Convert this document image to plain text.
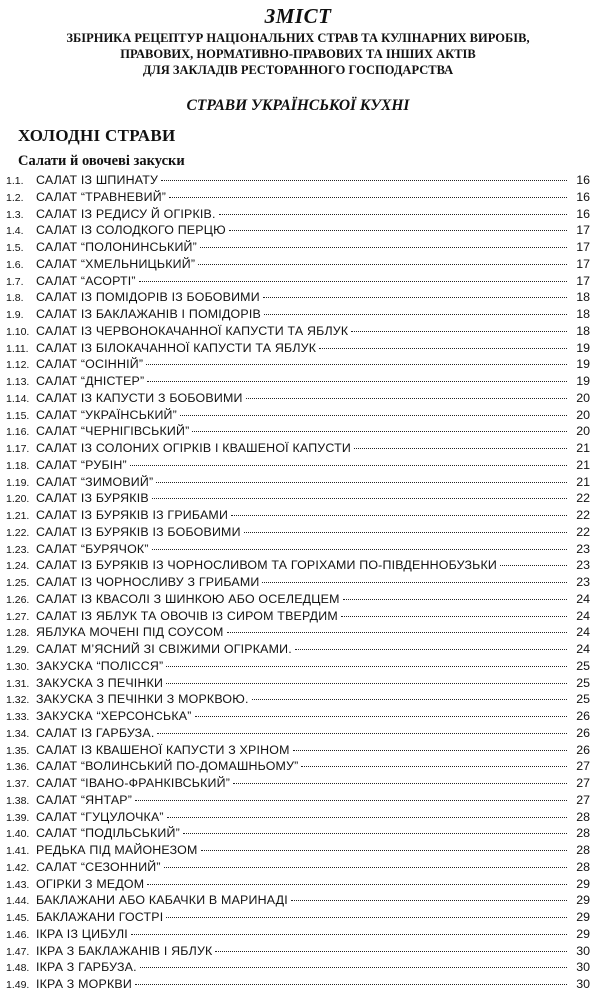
ЗМІСТ
ЗБІРНИКА РЕЦЕПТУР НАЦІОНАЛЬНИХ СТРАВ ТА КУЛІНАРНИХ ВИРОБІВ,
ПРАВОВИХ, НОРМАТИВНО-ПРАВОВИХ ТА ІНШИХ АКТІВ
ДЛЯ ЗАКЛАДІВ РЕСТОРАННОГО ГОСПОДАРСТВА
СТРАВИ УКРАЇНСЬКОЇ КУХНІ
ХОЛОДНІ СТРАВИ
Салати й овочеві закуски
1.1.	САЛАТ ІЗ ШПИНАТУ	16
1.2.	САЛАТ “ТРАВНЕВИЙ”	16
1.3.	САЛАТ ІЗ РЕДИСУ Й ОГІРКІВ.	16
1.4.	САЛАТ ІЗ СОЛОДКОГО ПЕРЦЮ	17
1.5.	САЛАТ “ПОЛОНИНСЬКИЙ”	17
1.6.	САЛАТ “ХМЕЛЬНИЦЬКИЙ”	17
1.7.	САЛАТ “АСОРТІ”	17
1.8.	САЛАТ ІЗ ПОМІДОРІВ ІЗ БОБОВИМИ	18
1.9.	САЛАТ ІЗ БАКЛАЖАНІВ І ПОМІДОРІВ	18
1.10. САЛАТ ІЗ ЧЕРВОНОКАЧАННОЇ КАПУСТИ ТА ЯБЛУК	18
1.11. САЛАТ ІЗ БІЛОКАЧАННОЇ КАПУСТИ ТА ЯБЛУК	19
1.12. САЛАТ “ОСІННІЙ”	19
1.13. САЛАТ “ДНІСТЕР”	19
1.14. САЛАТ ІЗ КАПУСТИ З БОБОВИМИ	20
1.15. САЛАТ “УКРАЇНСЬКИЙ”	20
1.16. САЛАТ “ЧЕРНІГІВСЬКИЙ”	20
1.17. САЛАТ ІЗ СОЛОНИХ ОГІРКІВ І КВАШЕНОЇ КАПУСТИ	21
1.18. САЛАТ “РУБІН”	21
1.19. САЛАТ “ЗИМОВИЙ”	21
1.20. САЛАТ ІЗ БУРЯКІВ	22
1.21. САЛАТ ІЗ БУРЯКІВ ІЗ ГРИБАМИ	22
1.22. САЛАТ ІЗ БУРЯКІВ ІЗ БОБОВИМИ	22
1.23. САЛАТ “БУРЯЧОК”	23
1.24. САЛАТ ІЗ БУРЯКІВ ІЗ ЧОРНОСЛИВОМ ТА ГОРІХАМИ ПО-ПІВДЕННОБУЗЬКИ	23
1.25. САЛАТ ІЗ ЧОРНОСЛИВУ З ГРИБАМИ	23
1.26. САЛАТ ІЗ КВАСОЛІ З ШИНКОЮ АБО ОСЕЛЕДЦЕМ	24
1.27. САЛАТ ІЗ ЯБЛУК ТА ОВОЧІВ ІЗ СИРОМ ТВЕРДИМ	24
1.28. ЯБЛУКА МОЧЕНІ ПІД СОУСОМ	24
1.29. САЛАТ М’ЯСНИЙ ЗІ СВІЖИМИ ОГІРКАМИ.	24
1.30. ЗАКУСКА “ПОЛІССЯ”	25
1.31. ЗАКУСКА З ПЕЧІНКИ	25
1.32. ЗАКУСКА З ПЕЧІНКИ З МОРКВОЮ.	25
1.33. ЗАКУСКА “ХЕРСОНСЬКА”	26
1.34. САЛАТ ІЗ ГАРБУЗА.	26
1.35. САЛАТ ІЗ КВАШЕНОЇ КАПУСТИ З ХРІНОМ	26
1.36. САЛАТ “ВОЛИНСЬКИЙ ПО-ДОМАШНЬОМУ”	27
1.37. САЛАТ “ІВАНО-ФРАНКІВСЬКИЙ”	27
1.38. САЛАТ “ЯНТАР”	27
1.39. САЛАТ “ГУЦУЛОЧКА”	28
1.40. САЛАТ “ПОДІЛЬСЬКИЙ”	28
1.41. РЕДЬКА ПІД МАЙОНЕЗОМ	28
1.42. САЛАТ “СЕЗОННИЙ”	28
1.43. ОГІРКИ З МЕДОМ	29
1.44. БАКЛАЖАНИ АБО КАБАЧКИ В МАРИНАДІ	29
1.45. БАКЛАЖАНИ ГОСТРІ	29
1.46. ІКРА ІЗ ЦИБУЛІ	29
1.47. ІКРА З БАКЛАЖАНІВ І ЯБЛУК	30
1.48. ІКРА З ГАРБУЗА.	30
1.49. ІКРА З МОРКВИ	30
